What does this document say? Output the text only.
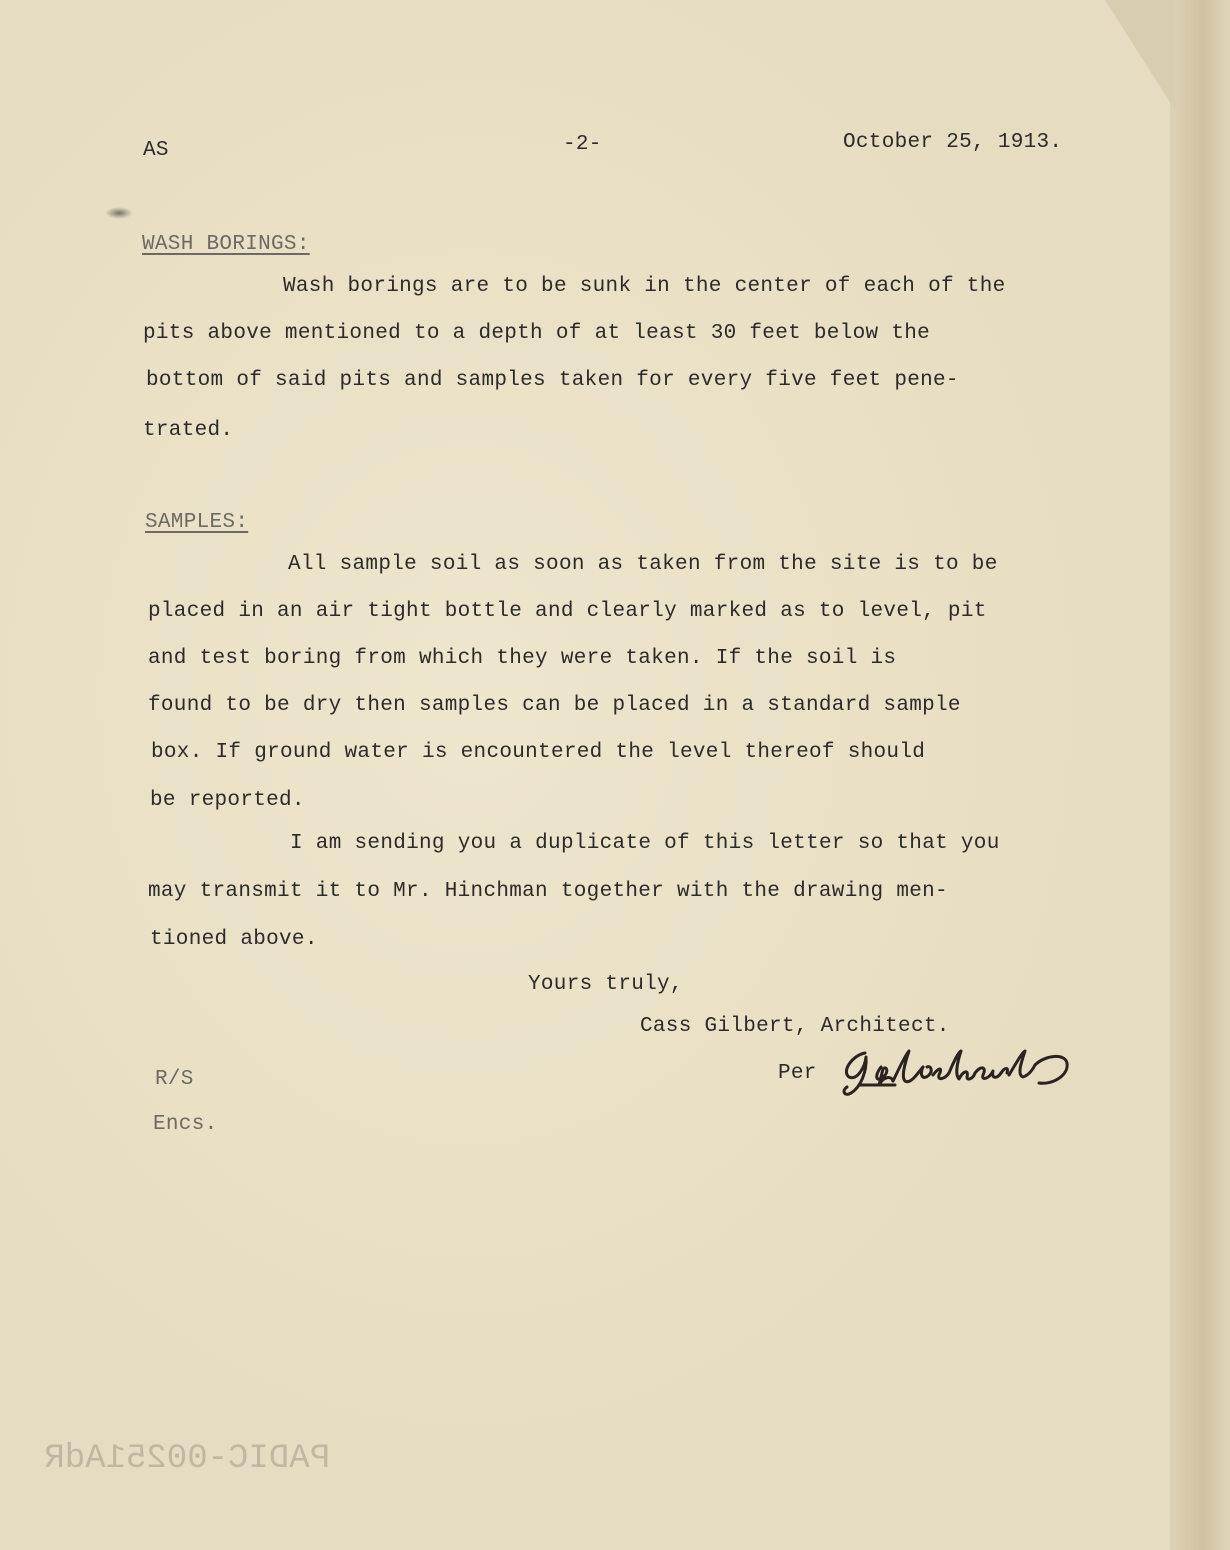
AS	-2-	October 25, 1913.

WASH BORINGS:

Wash borings are to be sunk in the center of each of the

pits above mentioned to a depth of at least 30 feet below the

bottom of said pits and samples taken for every five feet pene-

trated.

SAMPLES:

All sample soil as soon as taken from the site is to be

placed in an air tight bottle and clearly marked as to level, pit

and test boring from which they were taken. If the soil is

found to be dry then samples can be placed in a standard sample

box. If ground water is encountered the level thereof should

be reported.

I am sending you a duplicate of this letter so that you

may transmit it to Mr. Hinchman together with the drawing men-

tioned above.

Yours truly,

Cass Gilbert, Architect.

Per

R/S

Encs.

PADIC-00251AdR
